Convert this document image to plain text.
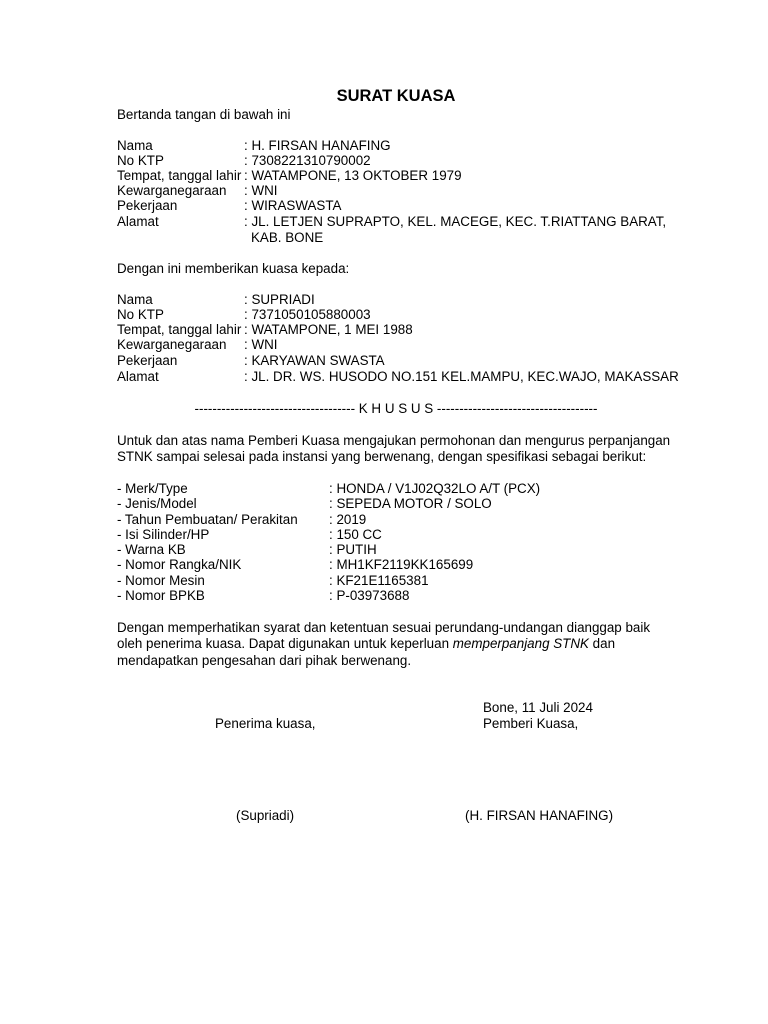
SURAT KUASA
Bertanda tangan di bawah ini
Nama	: H. FIRSAN HANAFING
No KTP	: 7308221310790002
Tempat, tanggal lahir : WATAMPONE, 13 OKTOBER 1979
Kewarganegaraan : WNI
Pekerjaan	: WIRASWASTA
Alamat	: JL. LETJEN SUPRAPTO, KEL. MACEGE, KEC. T.RIATTANG BARAT,
KAB. BONE
Dengan ini memberikan kuasa kepada:
Nama	: SUPRIADI
No KTP	: 7371050105880003
Tempat, tanggal lahir : WATAMPONE, 1 MEI 1988
Kewarganegaraan : WNI
Pekerjaan	: KARYAWAN SWASTA
Alamat	: JL. DR. WS. HUSODO NO.151 KEL.MAMPU, KEC.WAJO, MAKASSAR
------------------------------------ K H U S U S ------------------------------------
Untuk dan atas nama Pemberi Kuasa mengajukan permohonan dan mengurus perpanjangan STNK sampai selesai pada instansi yang berwenang, dengan spesifikasi sebagai berikut:
- Merk/Type	: HONDA / V1J02Q32LO A/T (PCX)
- Jenis/Model	: SEPEDA MOTOR / SOLO
- Tahun Pembuatan/ Perakitan : 2019
- Isi Silinder/HP	: 150 CC
- Warna KB	: PUTIH
- Nomor Rangka/NIK	: MH1KF2119KK165699
- Nomor Mesin	: KF21E1165381
- Nomor BPKB	: P-03973688
Dengan memperhatikan syarat dan ketentuan sesuai perundang-undangan dianggap baik oleh penerima kuasa. Dapat digunakan untuk keperluan memperpanjang STNK dan mendapatkan pengesahan dari pihak berwenang.
Bone, 11 Juli 2024
Penerima kuasa,	Pemberi Kuasa,
(Supriadi)	(H. FIRSAN HANAFING)
